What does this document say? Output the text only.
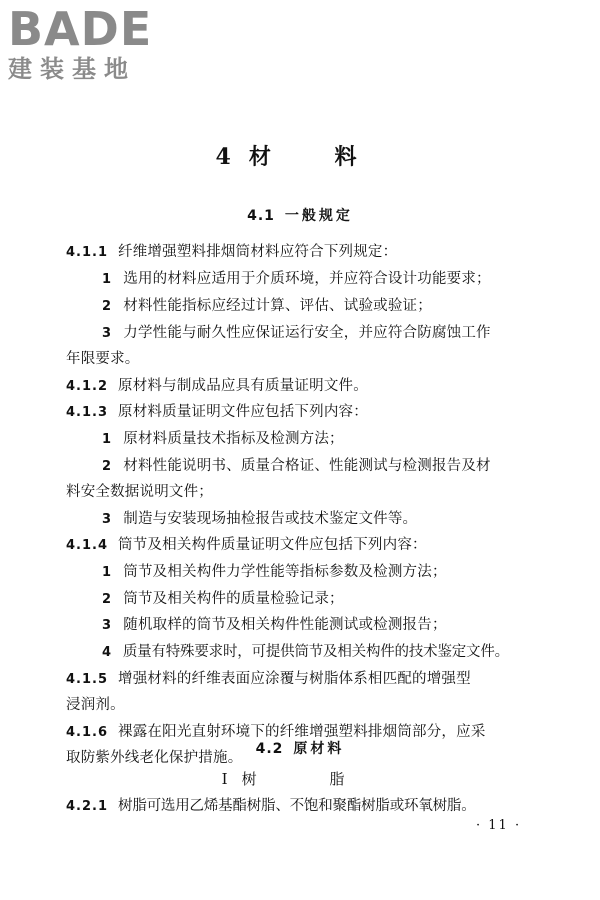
BADE
建装基地
4 材 料
4.1 一般规定
4.1.1 纤维增强塑料排烟筒材料应符合下列规定：
1 选用的材料应适用于介质环境，并应符合设计功能要求；
2 材料性能指标应经过计算、评估、试验或验证；
3 力学性能与耐久性应保证运行安全，并应符合防腐蚀工作
年限要求。
4.1.2 原材料与制成品应具有质量证明文件。
4.1.3 原材料质量证明文件应包括下列内容：
1 原材料质量技术指标及检测方法；
2 材料性能说明书、质量合格证、性能测试与检测报告及材
料安全数据说明文件；
3 制造与安装现场抽检报告或技术鉴定文件等。
4.1.4 筒节及相关构件质量证明文件应包括下列内容：
1 筒节及相关构件力学性能等指标参数及检测方法；
2 筒节及相关构件的质量检验记录；
3 随机取样的筒节及相关构件性能测试或检测报告；
4 质量有特殊要求时，可提供筒节及相关构件的技术鉴定文件。
4.1.5 增强材料的纤维表面应涂覆与树脂体系相匹配的增强型
浸润剂。
4.1.6 裸露在阳光直射环境下的纤维增强塑料排烟筒部分，应采
取防紫外线老化保护措施。
4.2 原材料
Ⅰ 树 脂
4.2.1 树脂可选用乙烯基酯树脂、不饱和聚酯树脂或环氧树脂。
· 11 ·
